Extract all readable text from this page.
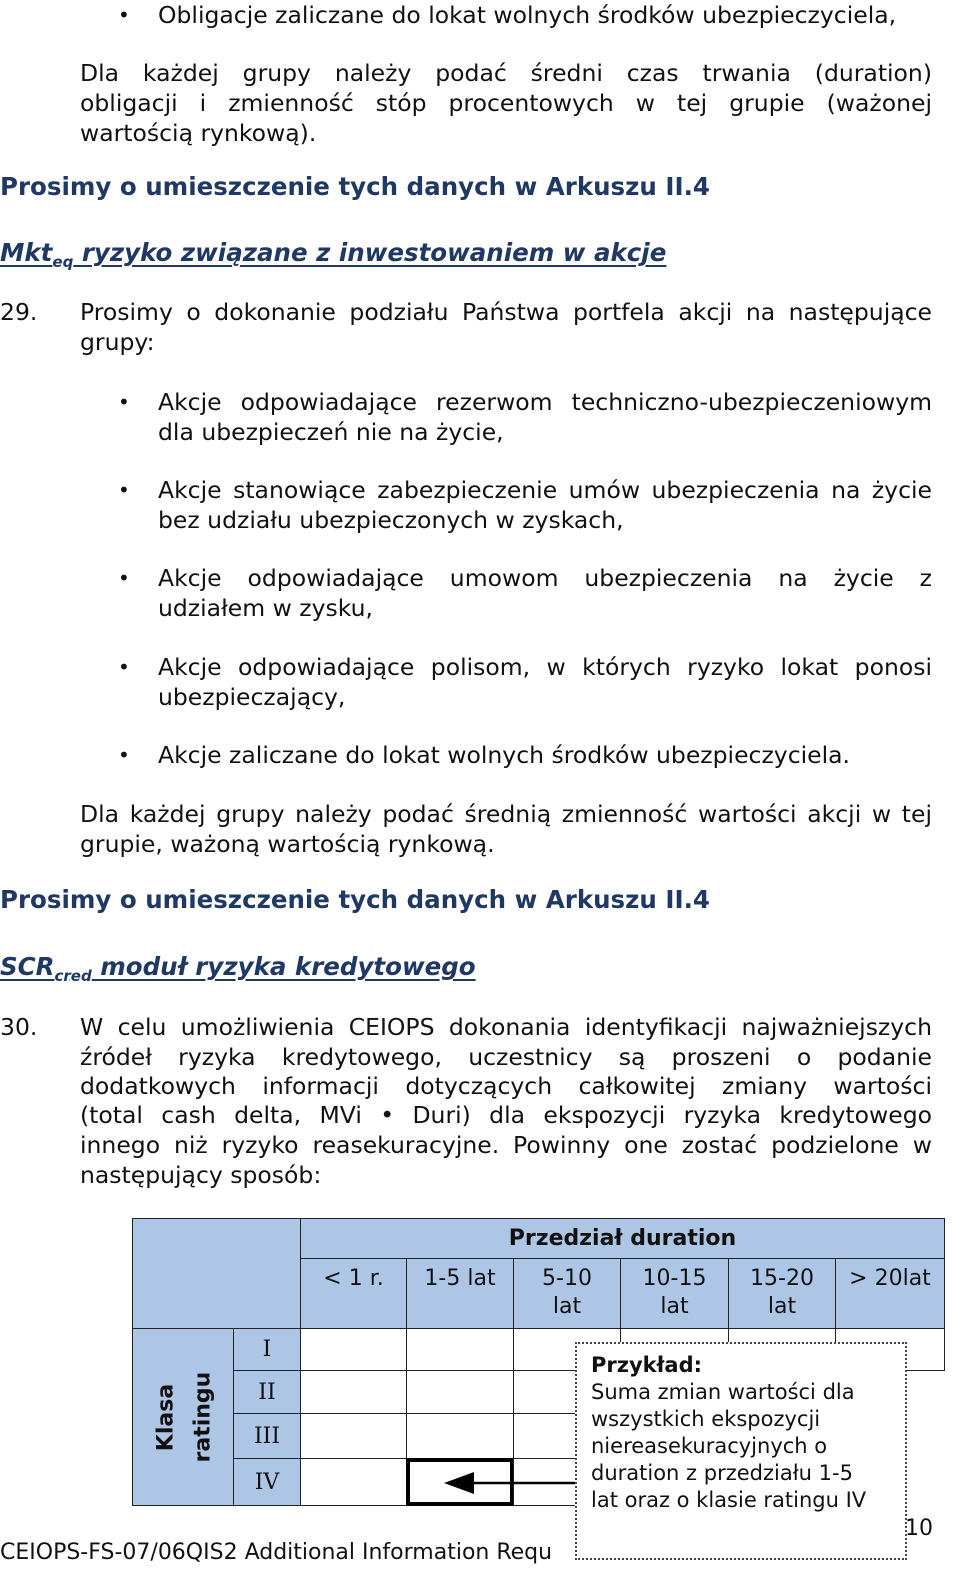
• Obligacje zaliczane do lokat wolnych środków ubezpieczyciela,
Dla każdej grupy należy podać średni czas trwania (duration)
obligacji i zmienność stóp procentowych w tej grupie (ważonej
wartością rynkową).
Prosimy o umieszczenie tych danych w Arkuszu II.4
Mkt$_{eq}$ ryzyko związane z inwestowaniem w akcje
29. Prosimy o dokonanie podziału Państwa portfela akcji na następujące
grupy:
• Akcje odpowiadające rezerwom techniczno-ubezpieczeniowym
dla ubezpieczeń nie na życie,
• Akcje stanowiące zabezpieczenie umów ubezpieczenia na życie
bez udziału ubezpieczonych w zyskach,
• Akcje odpowiadające umowom ubezpieczenia na życie z
udziałem w zysku,
• Akcje odpowiadające polisom, w których ryzyko lokat ponosi
ubezpieczający,
• Akcje zaliczane do lokat wolnych środków ubezpieczyciela.
Dla każdej grupy należy podać średnią zmienność wartości akcji w tej
grupie, ważoną wartością rynkową.
Prosimy o umieszczenie tych danych w Arkuszu II.4
$SCR_{cred}$ moduł ryzyka kredytowego
30. W celu umożliwienia CEIOPS dokonania identyfikacji najważniejszych
źródeł ryzyka kredytowego, uczestnicy są proszeni o podanie
dodatkowych informacji dotyczących całkowitej zmiany wartości
(total cash delta, MVi • Duri) dla ekspozycji ryzyka kredytowego
innego niż ryzyko reasekuracyjne. Powinny one zostać podzielone w
następujący sposób:
Przedział duration
< 1 r.	1-5 lat	5-10
lat
10-15
lat
15-20
lat
> 20lat
Klasa ratingu
I
II
III
IV
Przykład:
Suma zmian wartości dla
wszystkich ekspozycji
niereasekuracyjnych o
duration z przedziału 1-5
lat oraz o klasie ratingu IV
CEIOPS-FS-07/06QIS2 Additional Information Requ
10
